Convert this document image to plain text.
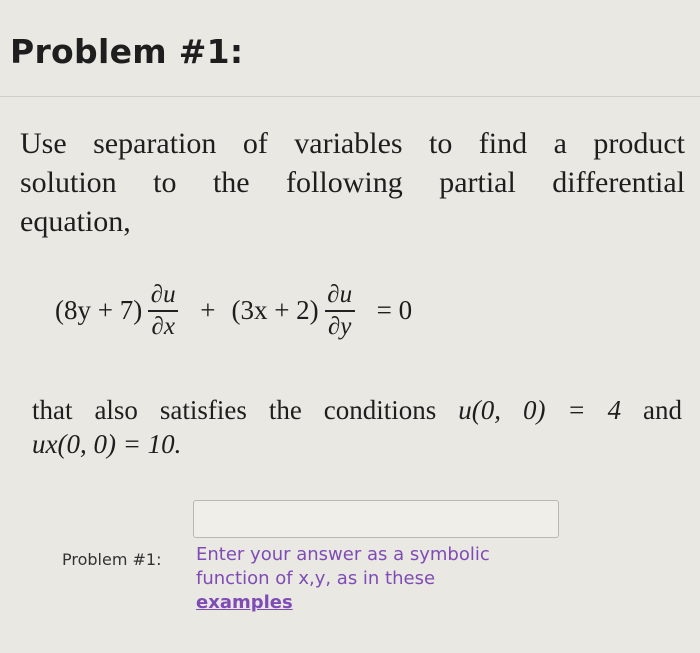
Problem #1:
Use separation of variables to find a product
solution to the following partial differential
equation,
$(8y + 7) \frac{\partial u}{\partial x} + (3x + 2) \frac{\partial u}{\partial y} = 0$
that also satisfies the conditions u(0, 0) = 4 and
ux(0, 0) = 10.
Problem #1: Enter your answer as a symbolic function of x,y, as in these
examples
